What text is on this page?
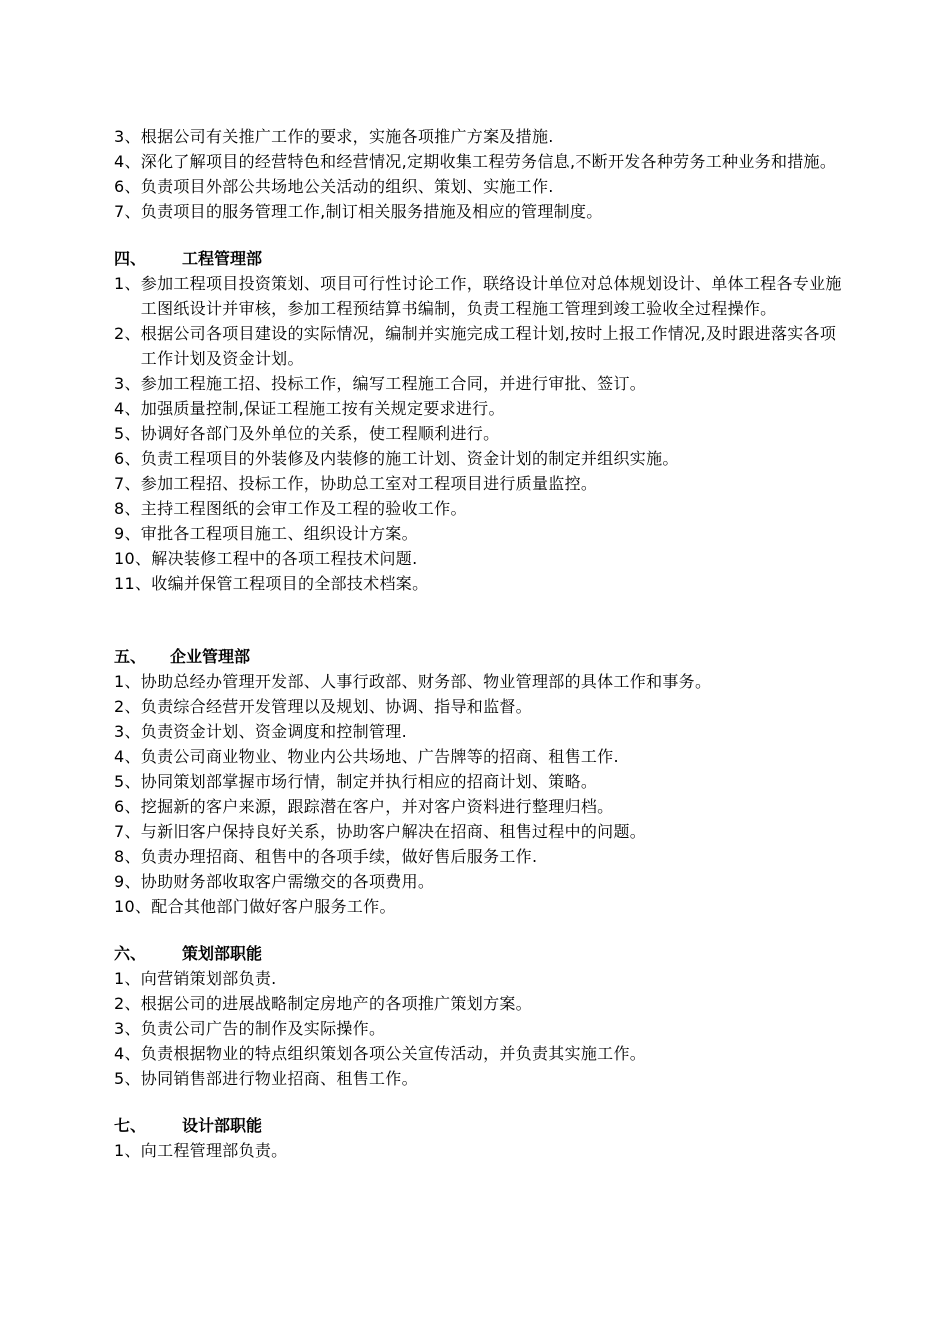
3、 根据公司有关推广工作的要求，实施各项推广方案及措施.
4、 深化了解项目的经营特色和经营情况,定期收集工程劳务信息,不断开发各种劳务工种业务和措施。
6、 负责项目外部公共场地公关活动的组织、策划、实施工作.
7、 负责项目的服务管理工作,制订相关服务措施及相应的管理制度。
四、 工程管理部
1、 参加工程项目投资策划、项目可行性讨论工作，联络设计单位对总体规划设计、单体工程各专业施工图纸设计并审核，参加工程预结算书编制，负责工程施工管理到竣工验收全过程操作。
2、 根据公司各项目建设的实际情况，编制并实施完成工程计划,按时上报工作情况,及时跟进落实各项工作计划及资金计划。
3、 参加工程施工招、投标工作，编写工程施工合同，并进行审批、签订。
4、 加强质量控制,保证工程施工按有关规定要求进行。
5、 协调好各部门及外单位的关系，使工程顺利进行。
6、 负责工程项目的外装修及内装修的施工计划、资金计划的制定并组织实施。
7、 参加工程招、投标工作，协助总工室对工程项目进行质量监控。
8、 主持工程图纸的会审工作及工程的验收工作。
9、 审批各工程项目施工、组织设计方案。
10、 解决装修工程中的各项工程技术问题.
11、 收编并保管工程项目的全部技术档案。
五、 企业管理部
1、 协助总经办管理开发部、人事行政部、财务部、物业管理部的具体工作和事务。
2、 负责综合经营开发管理以及规划、协调、指导和监督。
3、 负责资金计划、资金调度和控制管理.
4、 负责公司商业物业、物业内公共场地、广告牌等的招商、租售工作.
5、 协同策划部掌握市场行情，制定并执行相应的招商计划、策略。
6、 挖掘新的客户来源，跟踪潜在客户，并对客户资料进行整理归档。
7、 与新旧客户保持良好关系，协助客户解决在招商、租售过程中的问题。
8、 负责办理招商、租售中的各项手续，做好售后服务工作.
9、 协助财务部收取客户需缴交的各项费用。
10、 配合其他部门做好客户服务工作。
六、 策划部职能
1、 向营销策划部负责.
2、 根据公司的进展战略制定房地产的各项推广策划方案。
3、 负责公司广告的制作及实际操作。
4、 负责根据物业的特点组织策划各项公关宣传活动，并负责其实施工作。
5、 协同销售部进行物业招商、租售工作。
七、 设计部职能
1、 向工程管理部负责。
